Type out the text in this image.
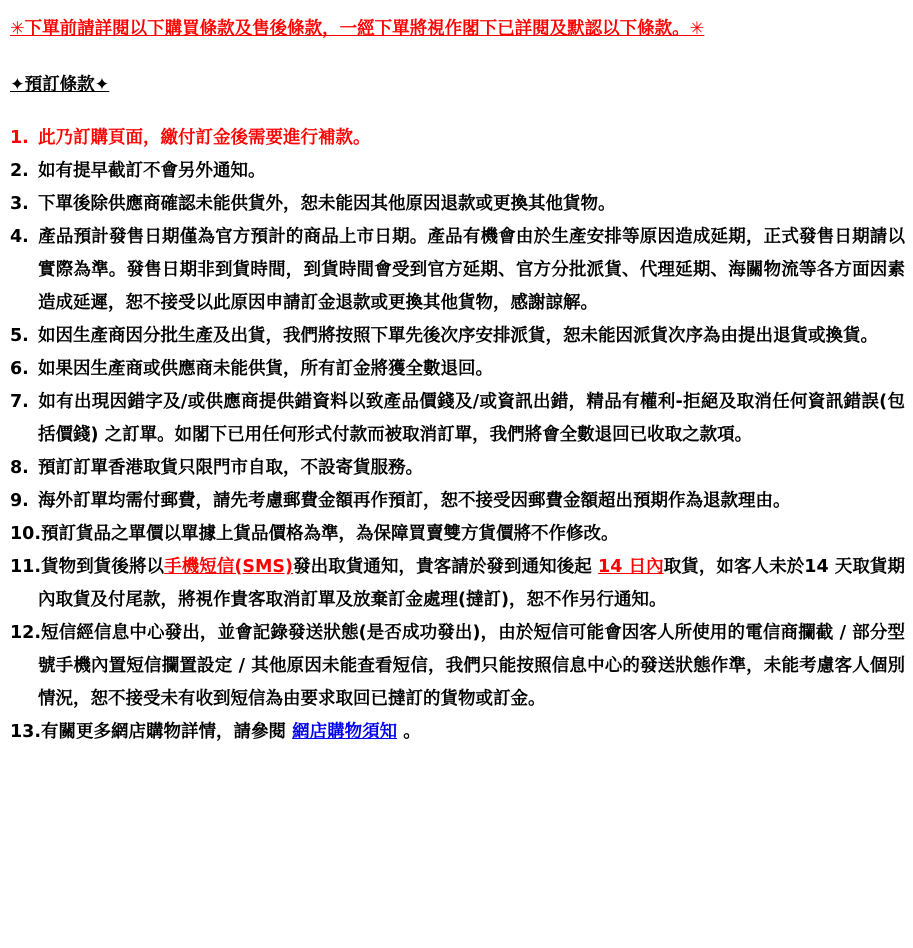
✳下單前請詳閱以下購買條款及售後條款，一經下單將視作閣下已詳閱及默認以下條款。✳
✦預訂條款✦
1. 此乃訂購頁面，繳付訂金後需要進行補款。
2. 如有提早截訂不會另外通知。
3. 下單後除供應商確認未能供貨外，恕未能因其他原因退款或更換其他貨物。
4. 產品預計發售日期僅為官方預計的商品上市日期。產品有機會由於生產安排等原因造成延期，正式發售日期請以實際為準。發售日期非到貨時間，到貨時間會受到官方延期、官方分批派貨、代理延期、海關物流等各方面因素造成延遲，恕不接受以此原因申請訂金退款或更換其他貨物，感謝諒解。
5. 如因生產商因分批生產及出貨，我們將按照下單先後次序安排派貨，恕未能因派貨次序為由提出退貨或換貨。
6. 如果因生產商或供應商未能供貨，所有訂金將獲全數退回。
7. 如有出現因錯字及/或供應商提供錯資料以致產品價錢及/或資訊出錯，精品有權利-拒絕及取消任何資訊錯誤(包括價錢) 之訂單。如閣下已用任何形式付款而被取消訂單，我們將會全數退回已收取之款項。
8. 預訂訂單香港取貨只限門市自取，不設寄貨服務。
9. 海外訂單均需付郵費，請先考慮郵費金額再作預訂，恕不接受因郵費金額超出預期作為退款理由。
10.預訂貨品之單價以單據上貨品價格為準，為保障買賣雙方貨價將不作修改。
11.貨物到貨後將以手機短信(SMS)發出取貨通知，貴客請於發到通知後起 14 日內取貨，如客人未於14 天取貨期內取貨及付尾款，將視作貴客取消訂單及放棄訂金處理(撻訂)，恕不作另行通知。
12.短信經信息中心發出，並會記錄發送狀態(是否成功發出)，由於短信可能會因客人所使用的電信商攔截 / 部分型號手機內置短信攔置設定 / 其他原因未能查看短信，我們只能按照信息中心的發送狀態作準，未能考慮客人個別情況，恕不接受未有收到短信為由要求取回已撻訂的貨物或訂金。
13.有關更多網店購物詳情，請參閱 網店購物須知 。
